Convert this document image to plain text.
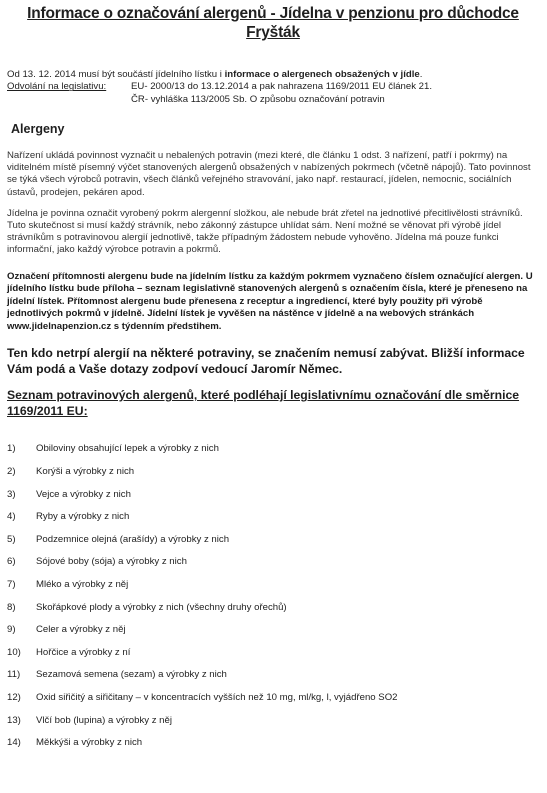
Informace o označování alergenů - Jídelna v penzionu pro důchodce
Fryšták
Od 13. 12. 2014 musí být součástí jídelního lístku i informace o alergenech obsažených v jídle.
Odvolání na legislativu:	EU- 2000/13 do 13.12.2014 a pak nahrazena 1169/2011 EU článek 21.
ČR- vyhláška 113/2005 Sb. O způsobu označování potravin
Alergeny
Nařízení ukládá povinnost vyznačit u nebalených potravin (mezi které, dle článku 1 odst. 3 nařízení, patří i pokrmy) na viditelném místě písemný výčet stanovených alergenů obsažených v nabízených pokrmech (včetně nápojů). Tato povinnost se týká všech výrobců potravin, všech článků veřejného stravování, jako např. restaurací, jídelen, nemocnic, sociálních ústavů, prodejen, pekáren apod.
Jídelna je povinna označit vyrobený pokrm alergenní složkou, ale nebude brát zřetel na jednotlivé přecitlivělosti strávníků. Tuto skutečnost si musí každý strávník, nebo zákonný zástupce uhlídat sám. Není možné se věnovat při výrobě jídel strávníkům s potravinovou alergií jednotlivě, takže případným žádostem nebude vyhověno. Jídelna má pouze funkci informační, jako každý výrobce potravin a pokrmů.
Označení přítomnosti alergenu bude na jídelním lístku za každým pokrmem vyznačeno číslem označující alergen. U jídelního lístku bude příloha – seznam legislativně stanovených alergenů s označením čísla, které je přeneseno na jídelní lístek. Přítomnost alergenu bude přenesena z receptur a ingrediencí, které byly použity při výrobě jednotlivých pokrmů v jídelně. Jídelní lístek je vyvěšen na nástěnce v jídelně a na webových stránkách www.jidelnapenzion.cz s týdenním předstihem.
Ten kdo netrpí alergií na některé potraviny, se značením nemusí zabývat. Bližší informace Vám podá a Vaše dotazy zodpoví vedoucí Jaromír Němec.
Seznam potravinových alergenů, které podléhají legislativnímu označování dle směrnice 1169/2011 EU:
1)	Obiloviny obsahující lepek a výrobky z nich
2)	Korýši a výrobky z nich
3)	Vejce a výrobky z nich
4)	Ryby a výrobky z nich
5)	Podzemnice olejná (arašídy) a výrobky z nich
6)	Sójové boby (sója) a výrobky z nich
7)	Mléko a výrobky z něj
8)	Skořápkové plody a výrobky z nich (všechny druhy ořechů)
9)	Celer a výrobky z něj
10)	Hořčice a výrobky z ní
11)	Sezamová semena (sezam) a výrobky z nich
12)	Oxid siřičitý a siřičitany – v koncentracích vyšších než 10 mg, ml/kg, l, vyjádřeno SO2
13)	Vlčí bob (lupina) a výrobky z něj
14)	Měkkýši a výrobky z nich
